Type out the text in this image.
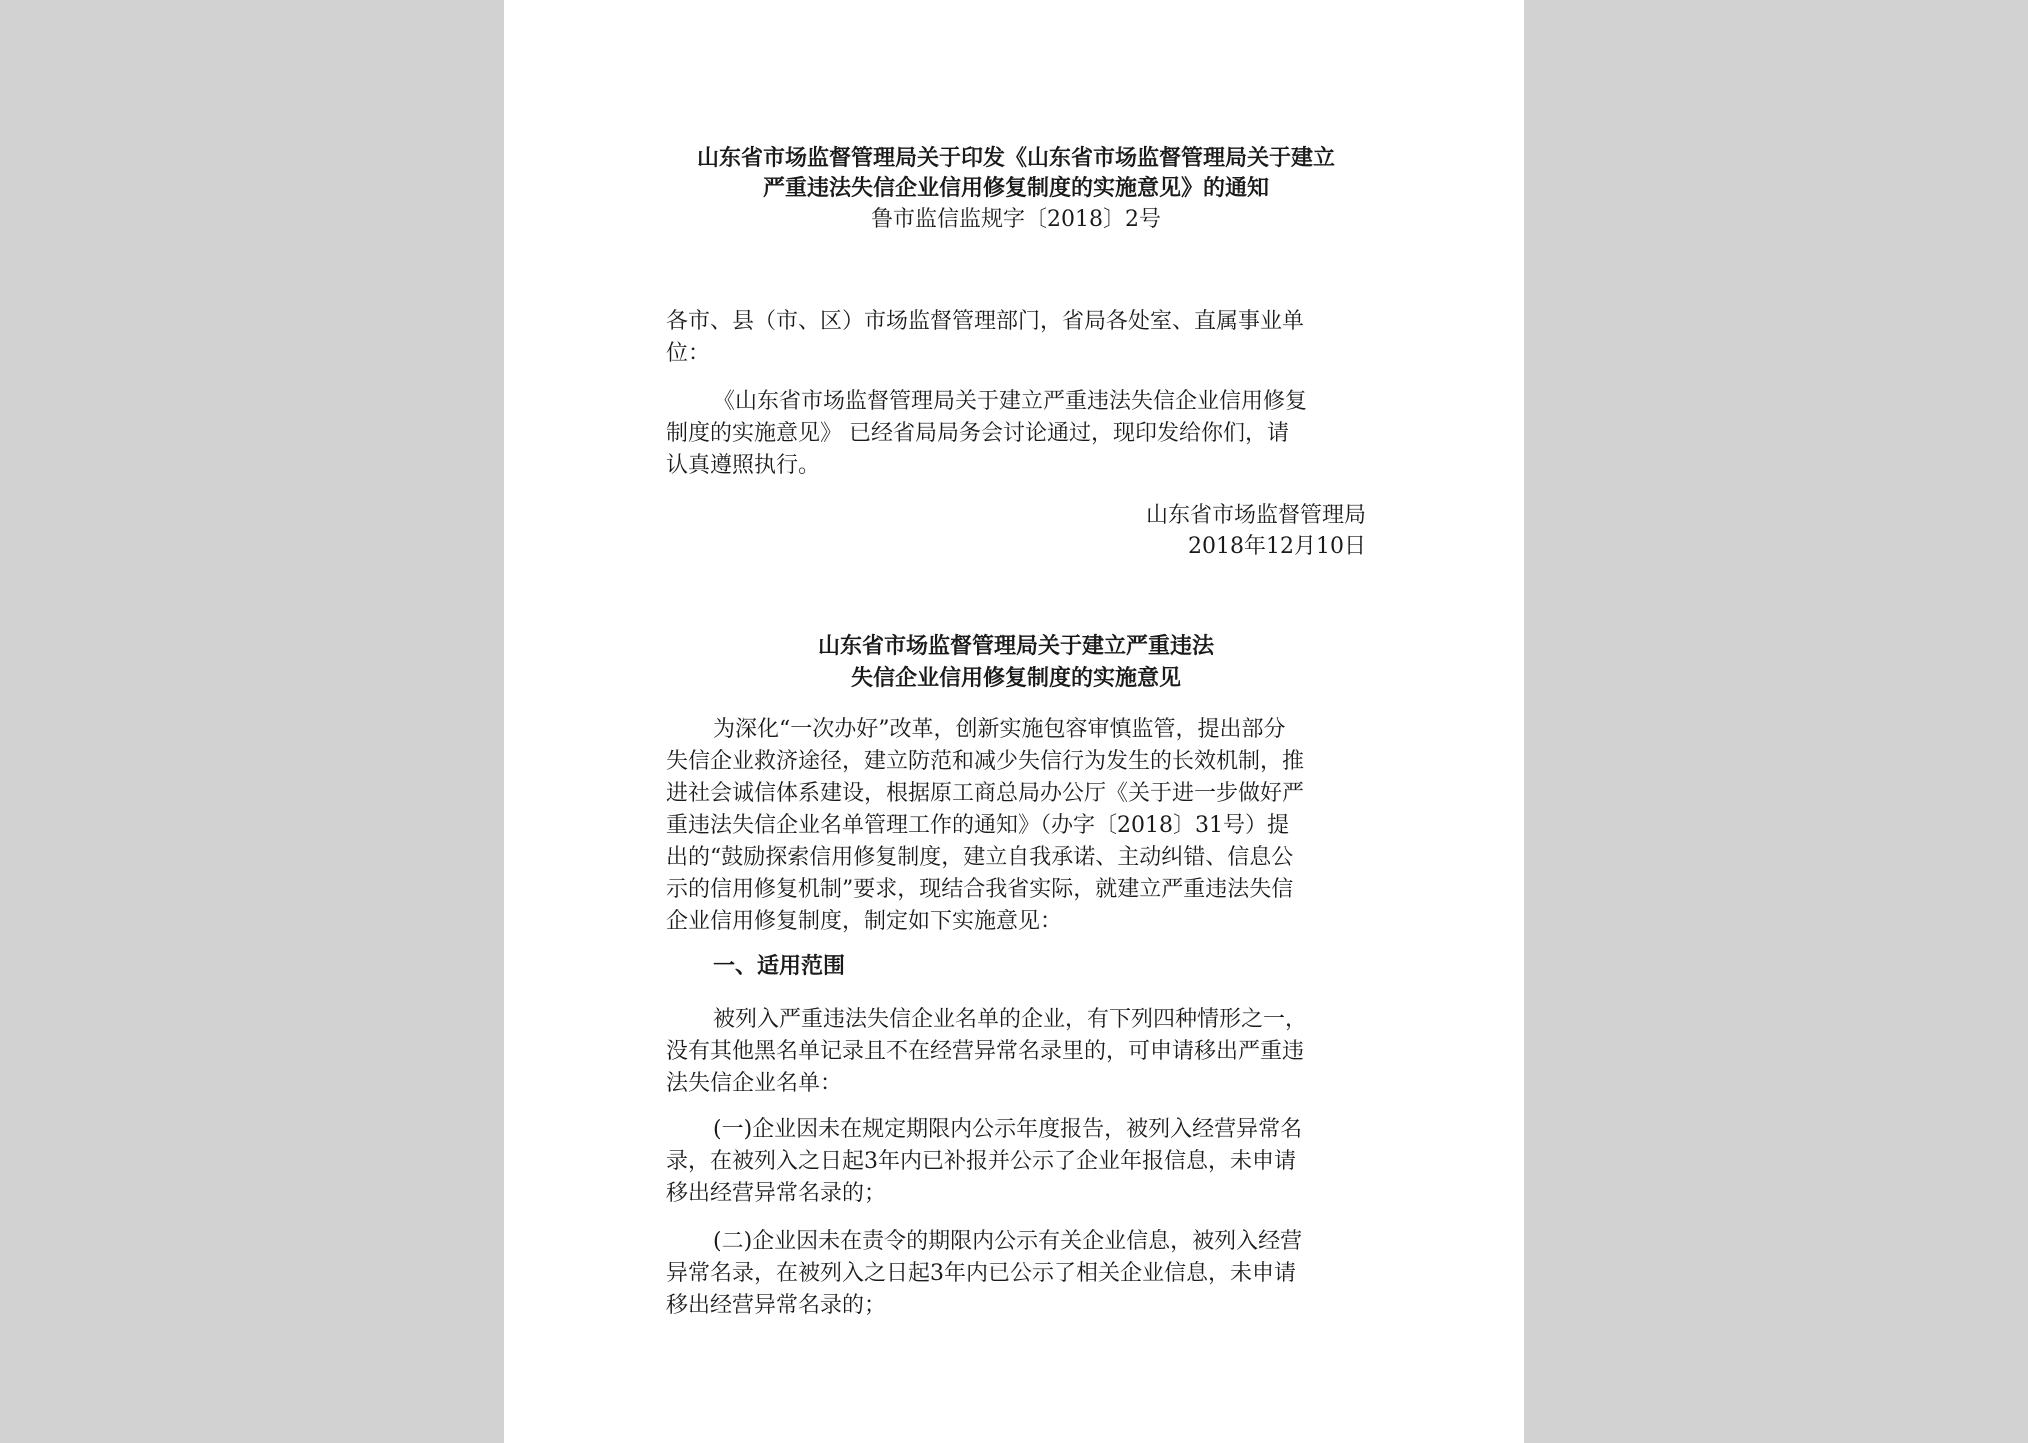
山东省市场监督管理局关于印发《山东省市场监督管理局关于建立

严重违法失信企业信用修复制度的实施意见》的通知

鲁市监信监规字〔2018〕2号

各市、县（市、区）市场监督管理部门，省局各处室、直属事业单

位：

《山东省市场监督管理局关于建立严重违法失信企业信用修复

制度的实施意见》 已经省局局务会讨论通过，现印发给你们，请

认真遵照执行。

山东省市场监督管理局

2018年12月10日

山东省市场监督管理局关于建立严重违法

失信企业信用修复制度的实施意见

为深化“一次办好”改革，创新实施包容审慎监管，提出部分

失信企业救济途径，建立防范和减少失信行为发生的长效机制，推

进社会诚信体系建设，根据原工商总局办公厅《关于进一步做好严

重违法失信企业名单管理工作的通知》（办字〔2018〕31号）提

出的“鼓励探索信用修复制度，建立自我承诺、主动纠错、信息公

示的信用修复机制”要求，现结合我省实际，就建立严重违法失信

企业信用修复制度，制定如下实施意见：

一、适用范围

被列入严重违法失信企业名单的企业，有下列四种情形之一，

没有其他黑名单记录且不在经营异常名录里的，可申请移出严重违

法失信企业名单：

(一)企业因未在规定期限内公示年度报告，被列入经营异常名

录，在被列入之日起3年内已补报并公示了企业年报信息，未申请

移出经营异常名录的；

(二)企业因未在责令的期限内公示有关企业信息，被列入经营

异常名录，在被列入之日起3年内已公示了相关企业信息，未申请

移出经营异常名录的；
